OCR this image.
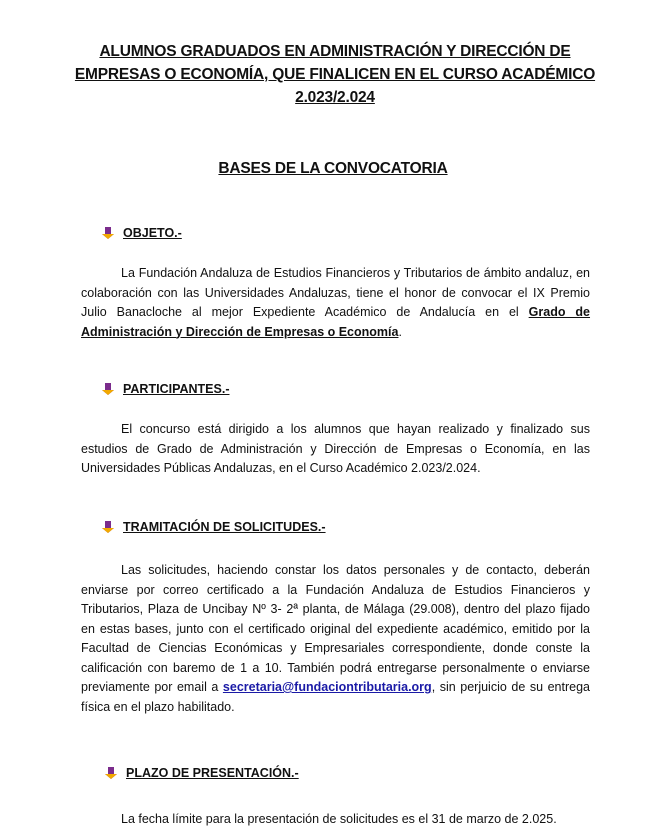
ALUMNOS GRADUADOS EN ADMINISTRACIÓN Y DIRECCIÓN DE
EMPRESAS O ECONOMÍA, QUE FINALICEN EN EL CURSO ACADÉMICO
2.023/2.024
BASES DE LA CONVOCATORIA
OBJETO.-
La Fundación Andaluza de Estudios Financieros y Tributarios de ámbito andaluz, en colaboración con las Universidades Andaluzas, tiene el honor de convocar el IX Premio Julio Banacloche al mejor Expediente Académico de Andalucía en el Grado de Administración y Dirección de Empresas o Economía.
PARTICIPANTES.-
El concurso está dirigido a los alumnos que hayan realizado y finalizado sus estudios de Grado de Administración y Dirección de Empresas o Economía, en las Universidades Públicas Andaluzas, en el Curso Académico 2.023/2.024.
TRAMITACIÓN DE SOLICITUDES.-
Las solicitudes, haciendo constar los datos personales y de contacto, deberán enviarse por correo certificado a la Fundación Andaluza de Estudios Financieros y Tributarios, Plaza de Uncibay Nº 3- 2ª planta, de Málaga (29.008), dentro del plazo fijado en estas bases, junto con el certificado original del expediente académico, emitido por la Facultad de Ciencias Económicas y Empresariales correspondiente, donde conste la calificación con baremo de 1 a 10. También podrá entregarse personalmente o enviarse previamente por email a secretaria@fundaciontributaria.org, sin perjuicio de su entrega física en el plazo habilitado.
PLAZO DE PRESENTACIÓN.-
La fecha límite para la presentación de solicitudes es el 31 de marzo de 2.025.
